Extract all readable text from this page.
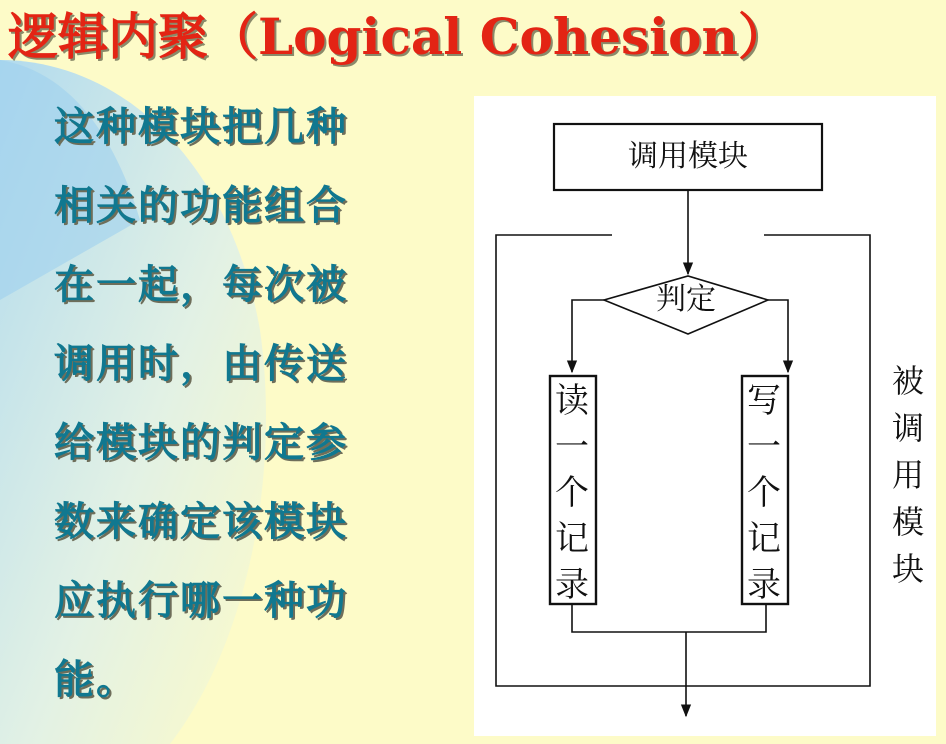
逻辑内聚（Logical Cohesion）
这种模块把几种
相关的功能组合
在一起，每次被
调用时，由传送
给模块的判定参
数来确定该模块
应执行哪一种功
能。
调用模块
判定
读
一
个
记
录
写
一
个
记
录
被
调
用
模
块
